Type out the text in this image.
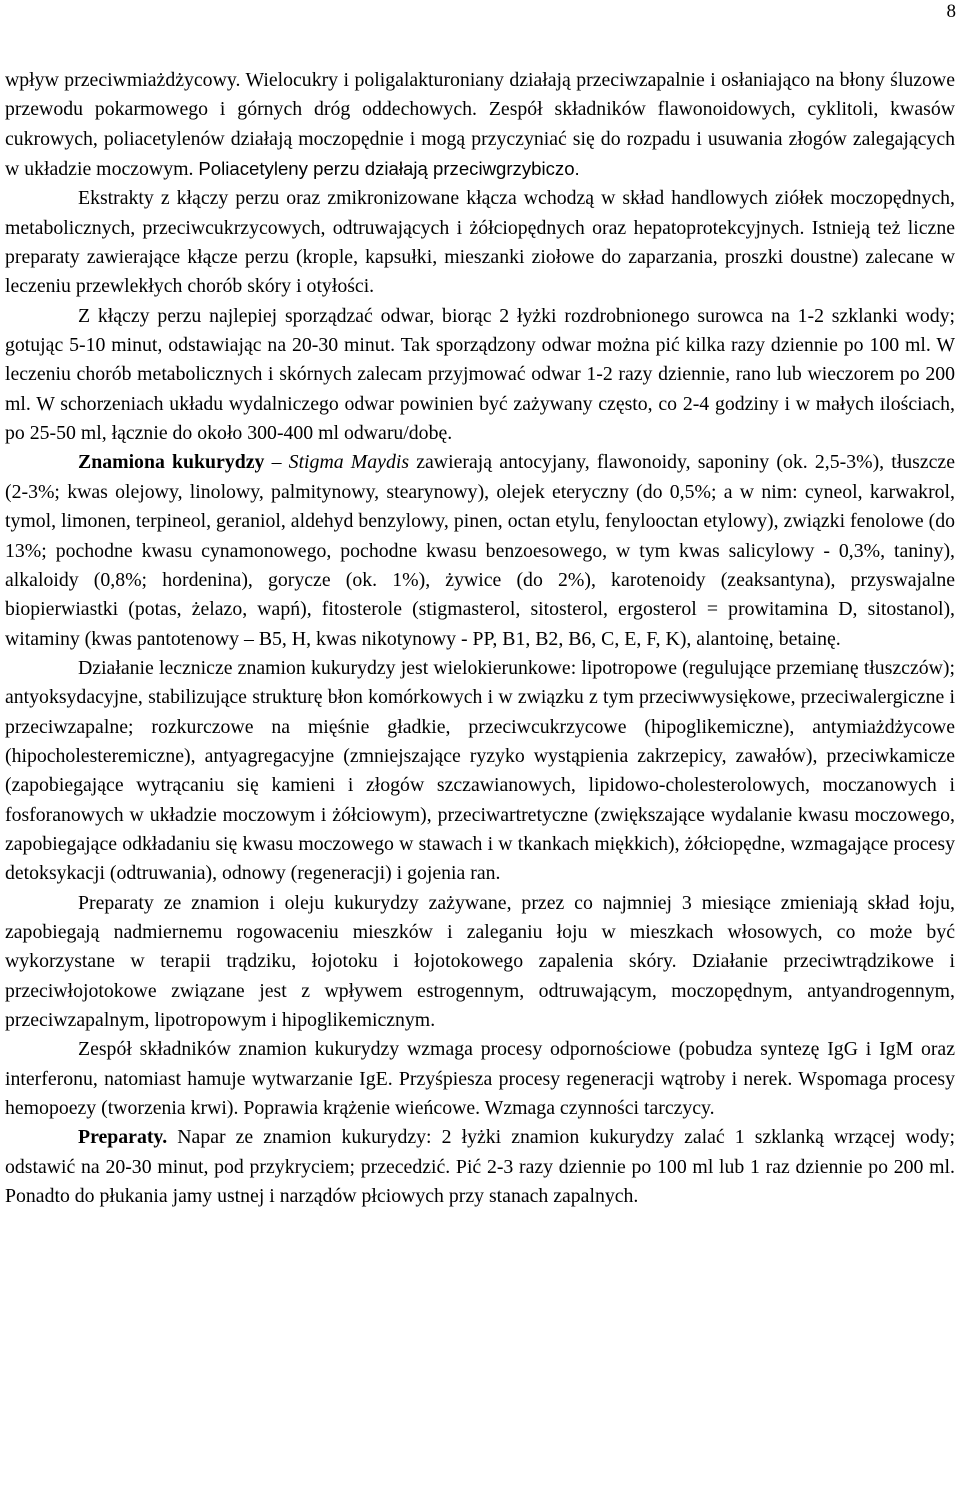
8

wpływ przeciwmiażdżycowy. Wielocukry i poligalakturoniany działają przeciwzapalnie i osłaniająco na błony śluzowe przewodu pokarmowego i górnych dróg oddechowych. Zespół składników flawonoidowych, cyklitoli, kwasów cukrowych, poliacetylenów działają moczopędnie i mogą przyczyniać się do rozpadu i usuwania złogów zalegających w układzie moczowym. Poliacetyleny perzu działają przeciwgrzybiczo.

Ekstrakty z kłączy perzu oraz zmikronizowane kłącza wchodzą w skład handlowych ziółek moczopędnych, metabolicznych, przeciwcukrzycowych, odtruwających i żółciopędnych oraz hepatoprotekcyjnych. Istnieją też liczne preparaty zawierające kłącze perzu (krople, kapsułki, mieszanki ziołowe do zaparzania, proszki doustne) zalecane w leczeniu przewlekłych chorób skóry i otyłości.

Z kłączy perzu najlepiej sporządzać odwar, biorąc 2 łyżki rozdrobnionego surowca na 1-2 szklanki wody; gotując 5-10 minut, odstawiając na 20-30 minut. Tak sporządzony odwar można pić kilka razy dziennie po 100 ml. W leczeniu chorób metabolicznych i skórnych zalecam przyjmować odwar 1-2 razy dziennie, rano lub wieczorem po 200 ml. W schorzeniach układu wydalniczego odwar powinien być zażywany często, co 2-4 godziny i w małych ilościach, po 25-50 ml, łącznie do około 300-400 ml odwaru/dobę.

Znamiona kukurydzy – Stigma Maydis zawierają antocyjany, flawonoidy, saponiny (ok. 2,5-3%), tłuszcze (2-3%; kwas olejowy, linolowy, palmitynowy, stearynowy), olejek eteryczny (do 0,5%; a w nim: cyneol, karwakrol, tymol, limonen, terpineol, geraniol, aldehyd benzylowy, pinen, octan etylu, fenylooctan etylowy), związki fenolowe (do 13%; pochodne kwasu cynamonowego, pochodne kwasu benzoesowego, w tym kwas salicylowy - 0,3%, taniny), alkaloidy (0,8%; hordenina), gorycze (ok. 1%), żywice (do 2%), karotenoidy (zeaksantyna), przyswajalne biopierwiastki (potas, żelazo, wapń), fitosterole (stigmasterol, sitosterol, ergosterol = prowitamina D, sitostanol), witaminy (kwas pantotenowy – B5, H, kwas nikotynowy - PP, B1, B2, B6, C, E, F, K), alantoinę, betainę.

Działanie lecznicze znamion kukurydzy jest wielokierunkowe: lipotropowe (regulujące przemianę tłuszczów); antyoksydacyjne, stabilizujące strukturę błon komórkowych i w związku z tym przeciwwysiękowe, przeciwalergiczne i przeciwzapalne; rozkurczowe na mięśnie gładkie, przeciwcukrzycowe (hipoglikemiczne), antymiażdżycowe (hipocholesteremiczne), antyagregacyjne (zmniejszające ryzyko wystąpienia zakrzepicy, zawałów), przeciwkamicze (zapobiegające wytrącaniu się kamieni i złogów szczawianowych, lipidowo-cholesterolowych, moczanowych i fosforanowych w układzie moczowym i żółciowym), przeciwartretyczne (zwiększające wydalanie kwasu moczowego, zapobiegające odkładaniu się kwasu moczowego w stawach i w tkankach miękkich), żółciopędne, wzmagające procesy detoksykacji (odtruwania), odnowy (regeneracji) i gojenia ran.

Preparaty ze znamion i oleju kukurydzy zażywane, przez co najmniej 3 miesiące zmieniają skład łoju, zapobiegają nadmiernemu rogowaceniu mieszków i zaleganiu łoju w mieszkach włosowych, co może być wykorzystane w terapii trądziku, łojotoku i łojotokowego zapalenia skóry. Działanie przeciwtrądzikowe i przeciwłojotokowe związane jest z wpływem estrogennym, odtruwającym, moczopędnym, antyandrogennym, przeciwzapalnym, lipotropowym i hipoglikemicznym.

Zespół składników znamion kukurydzy wzmaga procesy odpornościowe (pobudza syntezę IgG i IgM oraz interferonu, natomiast hamuje wytwarzanie IgE. Przyśpiesza procesy regeneracji wątroby i nerek. Wspomaga procesy hemopoezy (tworzenia krwi). Poprawia krążenie wieńcowe. Wzmaga czynności tarczycy.

Preparaty. Napar ze znamion kukurydzy: 2 łyżki znamion kukurydzy zalać 1 szklanką wrzącej wody; odstawić na 20-30 minut, pod przykryciem; przecedzić. Pić 2-3 razy dziennie po 100 ml lub 1 raz dziennie po 200 ml. Ponadto do płukania jamy ustnej i narządów płciowych przy stanach zapalnych.
